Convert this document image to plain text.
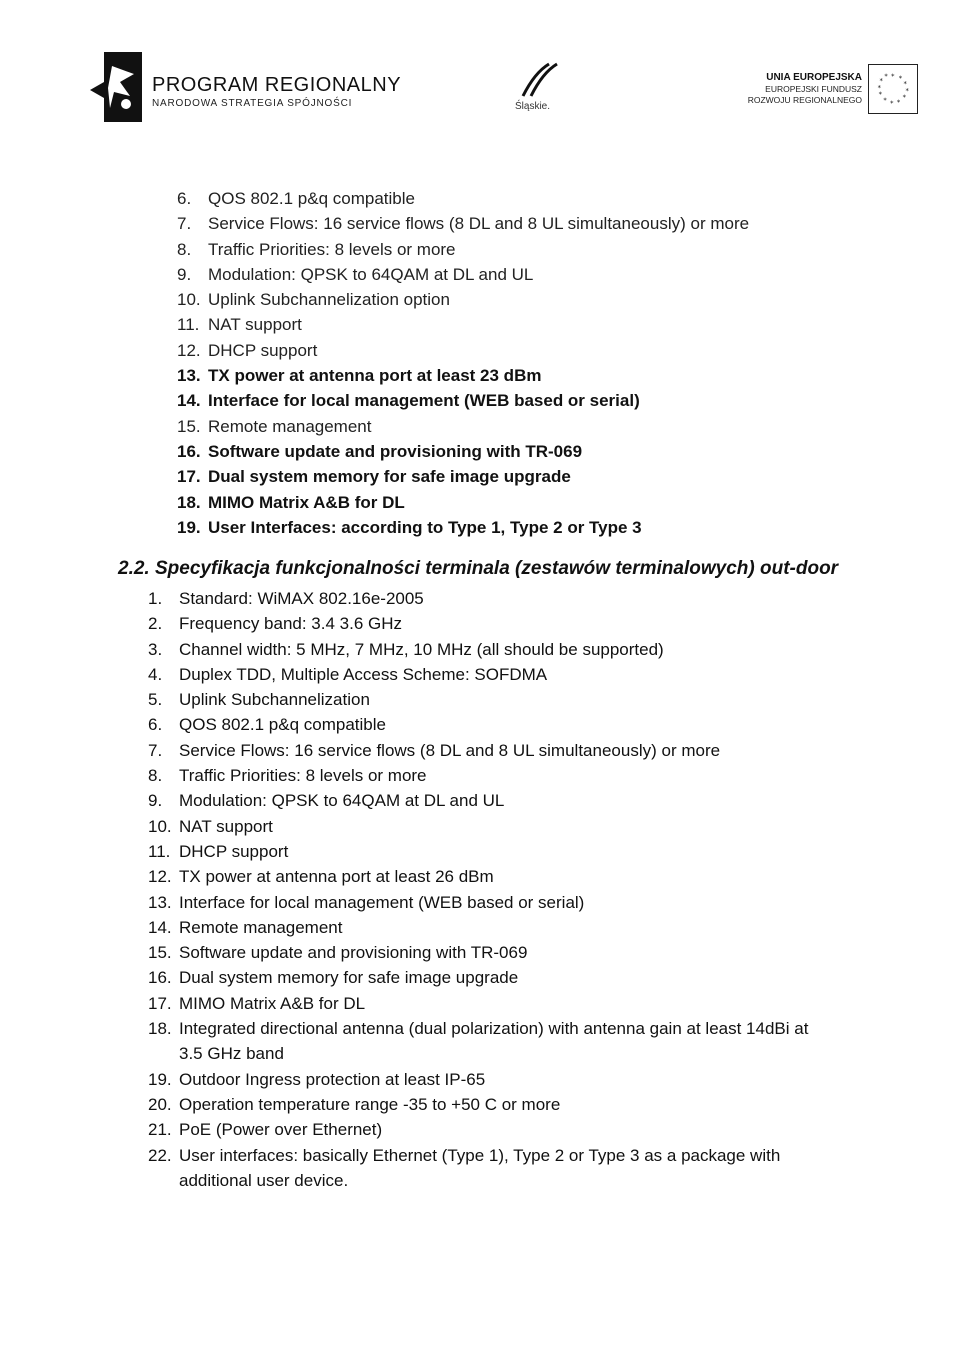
PROGRAM REGIONALNY
NARODOWA STRATEGIA SPÓJNOŚCI	Śląskie.
UNIA EUROPEJSKA
EUROPEJSKI FUNDUSZ
ROZWOJU REGIONALNEGO
* *
*
*
*
*
*
*
*
*
*
*
6. QOS 802.1 p&q compatible
7. Service Flows: 16 service flows (8 DL and 8 UL simultaneously) or more
8. Traffic Priorities: 8 levels or more
9. Modulation: QPSK to 64QAM at DL and UL
10. Uplink Subchannelization option
11. NAT support
12. DHCP support
13. TX power at antenna port at least 23 dBm
14. Interface for local management (WEB based or serial)
15. Remote management
16. Software update and provisioning with TR-069
17. Dual system memory for safe image upgrade
18. MIMO Matrix A&B for DL
19. User Interfaces: according to Type 1, Type 2 or Type 3
2.2. Specyfikacja funkcjonalności terminala (zestawów terminalowych) out-door
1. Standard: WiMAX 802.16e-2005
2. Frequency band: 3.4 3.6 GHz
3. Channel width: 5 MHz, 7 MHz, 10 MHz (all should be supported)
4. Duplex TDD, Multiple Access Scheme: SOFDMA
5. Uplink Subchannelization
6. QOS 802.1 p&q compatible
7. Service Flows: 16 service flows (8 DL and 8 UL simultaneously) or more
8. Traffic Priorities: 8 levels or more
9. Modulation: QPSK to 64QAM at DL and UL
10. NAT support
11. DHCP support
12. TX power at antenna port at least 26 dBm
13. Interface for local management (WEB based or serial)
14. Remote management
15. Software update and provisioning with TR-069
16. Dual system memory for safe image upgrade
17. MIMO Matrix A&B for DL
18. Integrated directional antenna (dual polarization) with antenna gain at least 14dBi at
3.5 GHz band
19. Outdoor Ingress protection at least IP-65
20. Operation temperature range -35 to +50 C or more
21. PoE (Power over Ethernet)
22. User interfaces: basically Ethernet (Type 1), Type 2 or Type 3 as a package with
additional user device.
